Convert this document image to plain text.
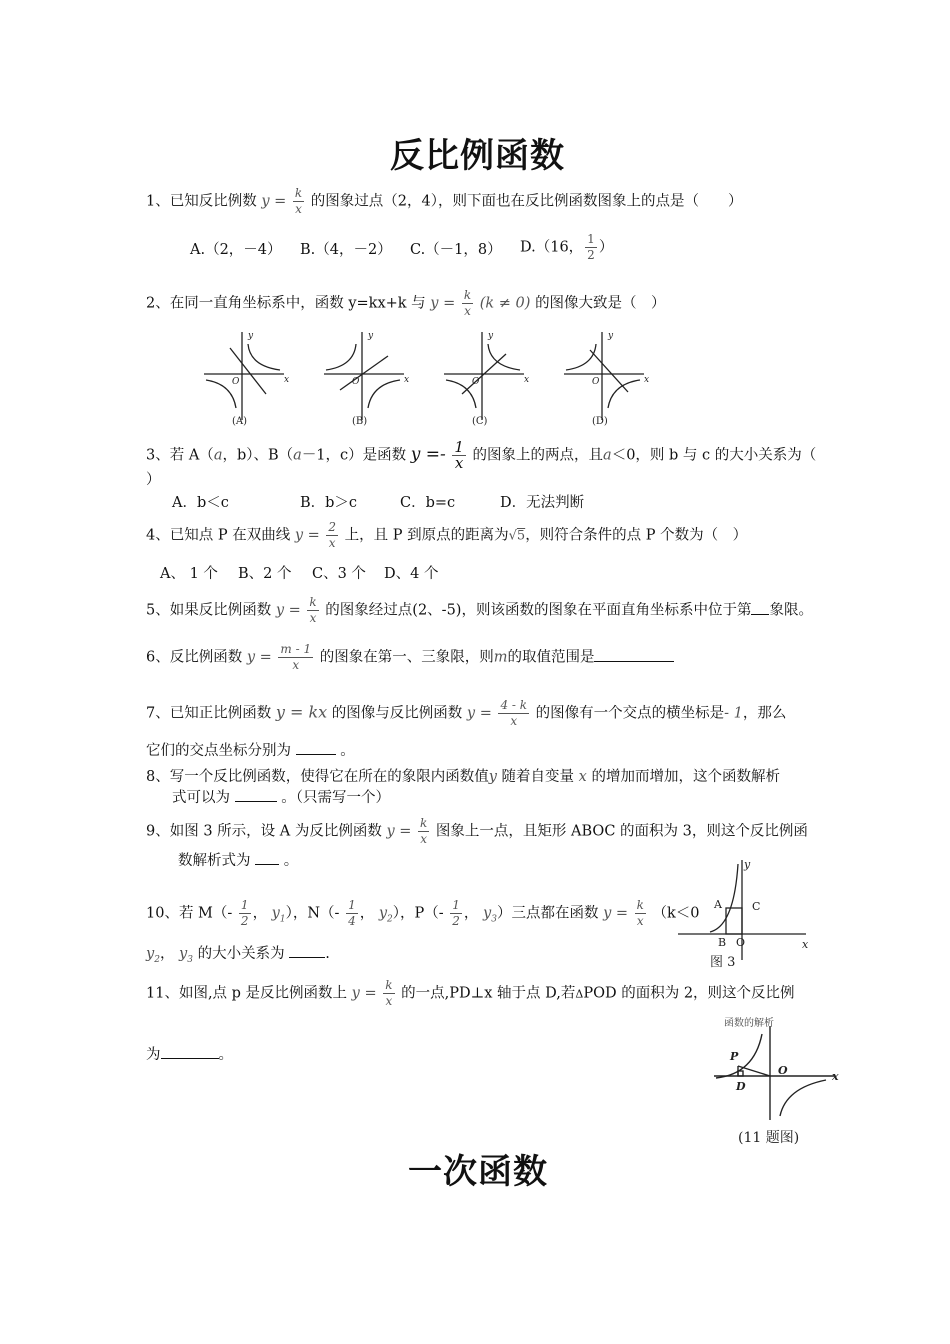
反比例函数
1、已知反比例数 $y = \frac{k}{x}$ 的图象过点（2，4），则下面也在反比例函数图象上的点是（　　）
A.（2，－4） B.（4，－2） C.（－1，8） D.（16， $\frac{1}{2}$ ）
2、在同一直角坐标系中，函数 y=kx+k 与 $y = \frac{k}{x} (k \ne 0)$ 的图像大致是（　）
y
x
O
y
x
O
y
x
O
y
x
O
(A)	(B)	(C)	(D)
3、若 A（a，b）、B（a－1，c）是函数 $y =- \frac{1}{x}$ 的图象上的两点，且a＜0，则 b 与 c 的大小关系为（
）
A．b＜c	B．b＞c	C．b=c	D．无法判断
4、已知点 P 在双曲线 $y = \frac{2}{x}$ 上，且 P 到原点的距离为√5，则符合条件的点 P 个数为（　）
A、 1 个 B、2 个 C、3 个 D、4 个
5、如果反比例函数 $y = \frac{k}{x}$ 的图象经过点(2、-5)，则该函数的图象在平面直角坐标系中位于第 象限。
6、反比例函数 $y = \frac{m - 1}{x}$ 的图象在第一、三象限，则m的取值范围是
7、已知正比例函数 y = kx 的图像与反比例函数 $y = \frac{4 - k}{x}$ 的图像有一个交点的横坐标是- 1，那么
它们的交点坐标分别为	。
8、写一个反比例函数，使得它在所在的象限内函数值y 随着自变量 x 的增加而增加，这个函数解析
式可以为	。（只需写一个）
9、如图 3 所示，设 A 为反比例函数 $y = \frac{k}{x}$ 图象上一点，且矩形 ABOC 的面积为 3，则这个反比例函
数解析式为 。	y
x
A	C
B O
图 3
10、若 $M(- \frac{1}{2}$ ， $y_1$），$N(- \frac{1}{4}$ ， $y_2$），$P(- \frac{1}{2}$ ， $y_3$）三点都在函数 $y = \frac{k}{x} (k<0$
$y_2$， $y_3$ 的大小关系为	.
11、如图,点 p 是反比例函数上 $y = \frac{k}{x}$ 的一点,PD⊥x 轴于点 D,若ΔPOD 的面积为 2，则这个反比例
为	。
函数的解析
P
D
O	x
(11 题图)
一次函数
